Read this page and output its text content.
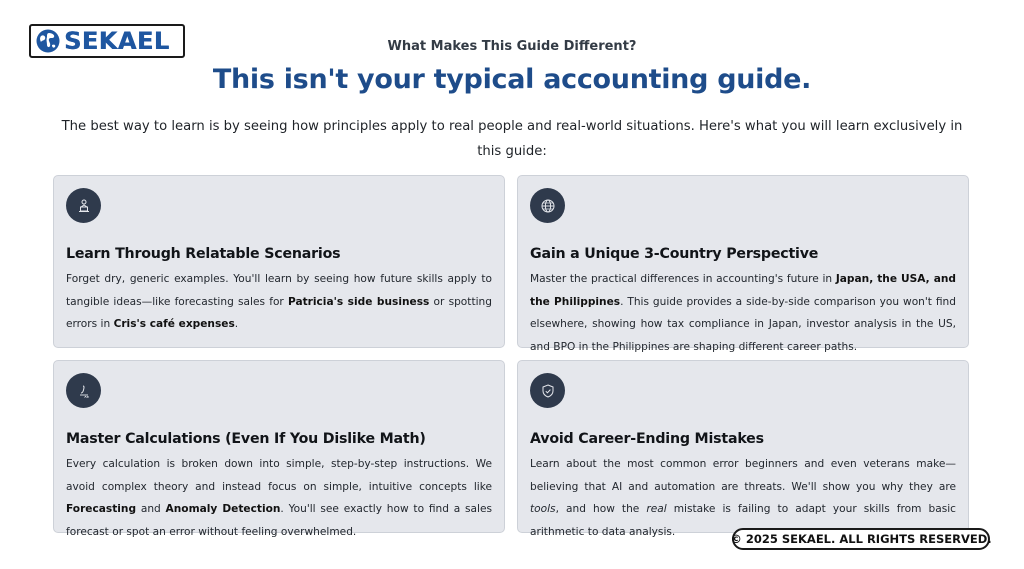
SEKAEL	What Makes This Guide Different?
This isn't your typical accounting guide.
The best way to learn is by seeing how principles apply to real people and real-world situations. Here's what you will learn exclusively in this guide:
Learn Through Relatable Scenarios
Forget dry, generic examples. You'll learn by seeing how future skills apply to tangible ideas—like forecasting sales for Patricia's side business or spotting errors in Cris's café expenses.
Gain a Unique 3-Country Perspective
Master the practical differences in accounting's future in Japan, the USA, and the Philippines. This guide provides a side-by-side comparison you won't find elsewhere, showing how tax compliance in Japan, investor analysis in the US, and BPO in the Philippines are shaping different career paths.
Master Calculations (Even If You Dislike Math)
Every calculation is broken down into simple, step-by-step instructions. We avoid complex theory and instead focus on simple, intuitive concepts like Forecasting and Anomaly Detection. You'll see exactly how to find a sales forecast or spot an error without feeling overwhelmed.
Avoid Career-Ending Mistakes
Learn about the most common error beginners and even veterans make—believing that AI and automation are threats. We'll show you why they are tools, and how the real mistake is failing to adapt your skills from basic arithmetic to data analysis.
© 2025 SEKAEL. ALL RIGHTS RESERVED.
